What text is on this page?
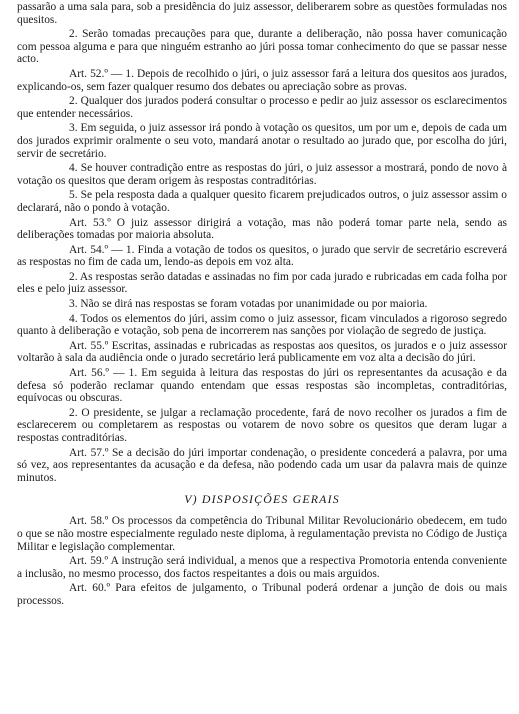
passarão a uma sala para, sob a presidência do juiz assessor, deliberarem sobre as questões formuladas nos quesitos.

2. Serão tomadas precauções para que, durante a deliberação, não possa haver comunicação com pessoa alguma e para que ninguém estranho ao júri possa tomar conhecimento do que se passar nesse acto.

Art. 52.º — 1. Depois de recolhido o júri, o juiz assessor fará a leitura dos quesitos aos jurados, explicando-os, sem fazer qualquer resumo dos debates ou apreciação sobre as provas.

2. Qualquer dos jurados poderá consultar o processo e pedir ao juiz assessor os esclarecimentos que entender necessários.

3. Em seguida, o juiz assessor irá pondo à votação os quesitos, um por um e, depois de cada um dos jurados exprimir oralmente o seu voto, mandará anotar o resultado ao jurado que, por escolha do júri, servir de secretário.

4. Se houver contradição entre as respostas do júri, o juiz assessor a mostrará, pondo de novo à votação os quesitos que deram origem às respostas contraditórias.

5. Se pela resposta dada a qualquer quesito ficarem prejudicados outros, o juiz assessor assim o declarará, não o pondo à votação.

Art. 53.º O juiz assessor dirigirá a votação, mas não poderá tomar parte nela, sendo as deliberações tomadas por maioria absoluta.

Art. 54.º — 1. Finda a votação de todos os quesitos, o jurado que servir de secretário escreverá as respostas no fim de cada um, lendo-as depois em voz alta.

2. As respostas serão datadas e assinadas no fim por cada jurado e rubricadas em cada folha por eles e pelo juiz assessor.

3. Não se dirá nas respostas se foram votadas por unanimidade ou por maioria.

4. Todos os elementos do júri, assim como o juiz assessor, ficam vinculados a rigoroso segredo quanto à deliberação e votação, sob pena de incorrerem nas sanções por violação de segredo de justiça.

Art. 55.º Escritas, assinadas e rubricadas as respostas aos quesitos, os jurados e o juiz assessor voltarão à sala da audiência onde o jurado secretário lerá publicamente em voz alta a decisão do júri.

Art. 56.º — 1. Em seguida à leitura das respostas do júri os representantes da acusação e da defesa só poderão reclamar quando entendam que essas respostas são incompletas, contraditórias, equívocas ou obscuras.

2. O presidente, se julgar a reclamação procedente, fará de novo recolher os jurados a fim de esclarecerem ou completarem as respostas ou votarem de novo sobre os quesitos que deram lugar a respostas contraditórias.

Art. 57.º Se a decisão do júri importar condenação, o presidente concederá a palavra, por uma só vez, aos representantes da acusação e da defesa, não podendo cada um usar da palavra mais de quinze minutos.

V) DISPOSIÇÕES GERAIS

Art. 58.º Os processos da competência do Tribunal Militar Revolucionário obedecem, em tudo o que se não mostre especialmente regulado neste diploma, à regulamentação prevista no Código de Justiça Militar e legislação complementar.

Art. 59.º A instrução será individual, a menos que a respectiva Promotoria entenda conveniente a inclusão, no mesmo processo, dos factos respeitantes a dois ou mais arguidos.

Art. 60.º Para efeitos de julgamento, o Tribunal poderá ordenar a junção de dois ou mais processos.
